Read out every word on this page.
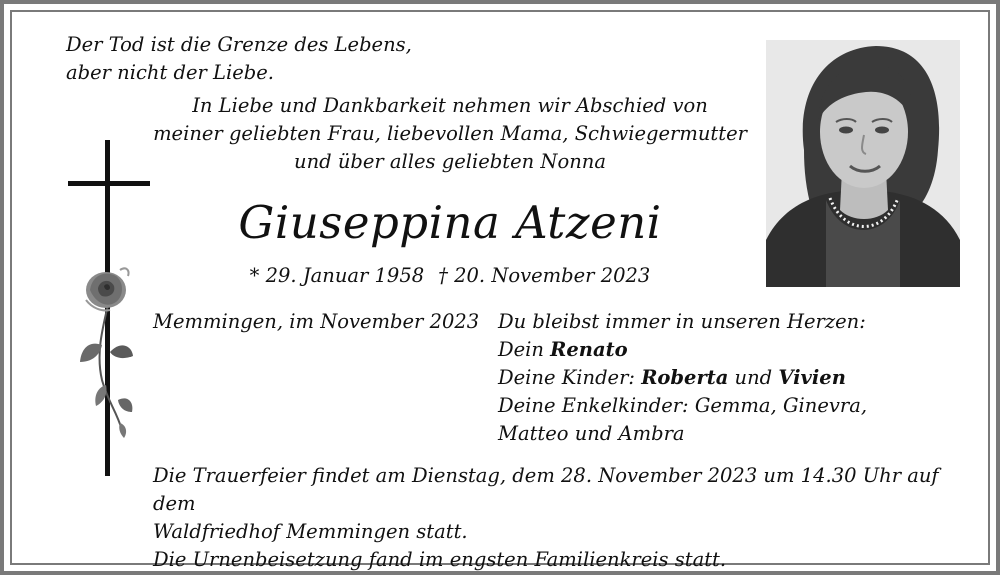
Der Tod ist die Grenze des Lebens,

aber nicht der Liebe.

In Liebe und Dankbarkeit nehmen wir Abschied von

meiner geliebten Frau, liebevollen Mama, Schwiegermutter

und über alles geliebten Nonna

Giuseppina Atzeni
* 29. Januar 1958 † 20. November 2023
Memmingen, im November 2023 Du bleibst immer in unseren Herzen:

Dein Renato

Deine Kinder: Roberta und Vivien

Deine Enkelkinder: Gemma, Ginevra,

Matteo und Ambra

Die Trauerfeier findet am Dienstag, dem 28. November 2023 um 14.30 Uhr auf dem

Waldfriedhof Memmingen statt.

Die Urnenbeisetzung fand im engsten Familienkreis statt.
